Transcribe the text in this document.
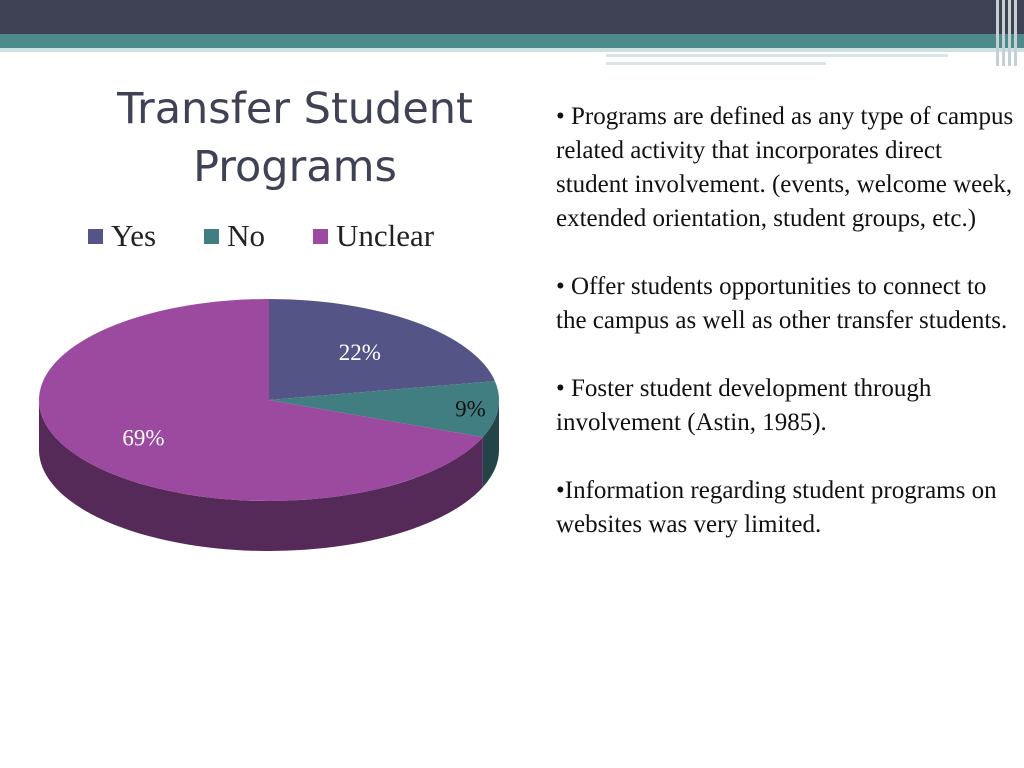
Transfer Student Programs
Yes No Unclear
22%
9%
69%

• Programs are defined as any type of campus related activity that incorporates direct student involvement. (events, welcome week, extended orientation, student groups, etc.)

• Offer students opportunities to connect to the campus as well as other transfer students.

• Foster student development through involvement (Astin, 1985).

•Information regarding student programs on websites was very limited.
